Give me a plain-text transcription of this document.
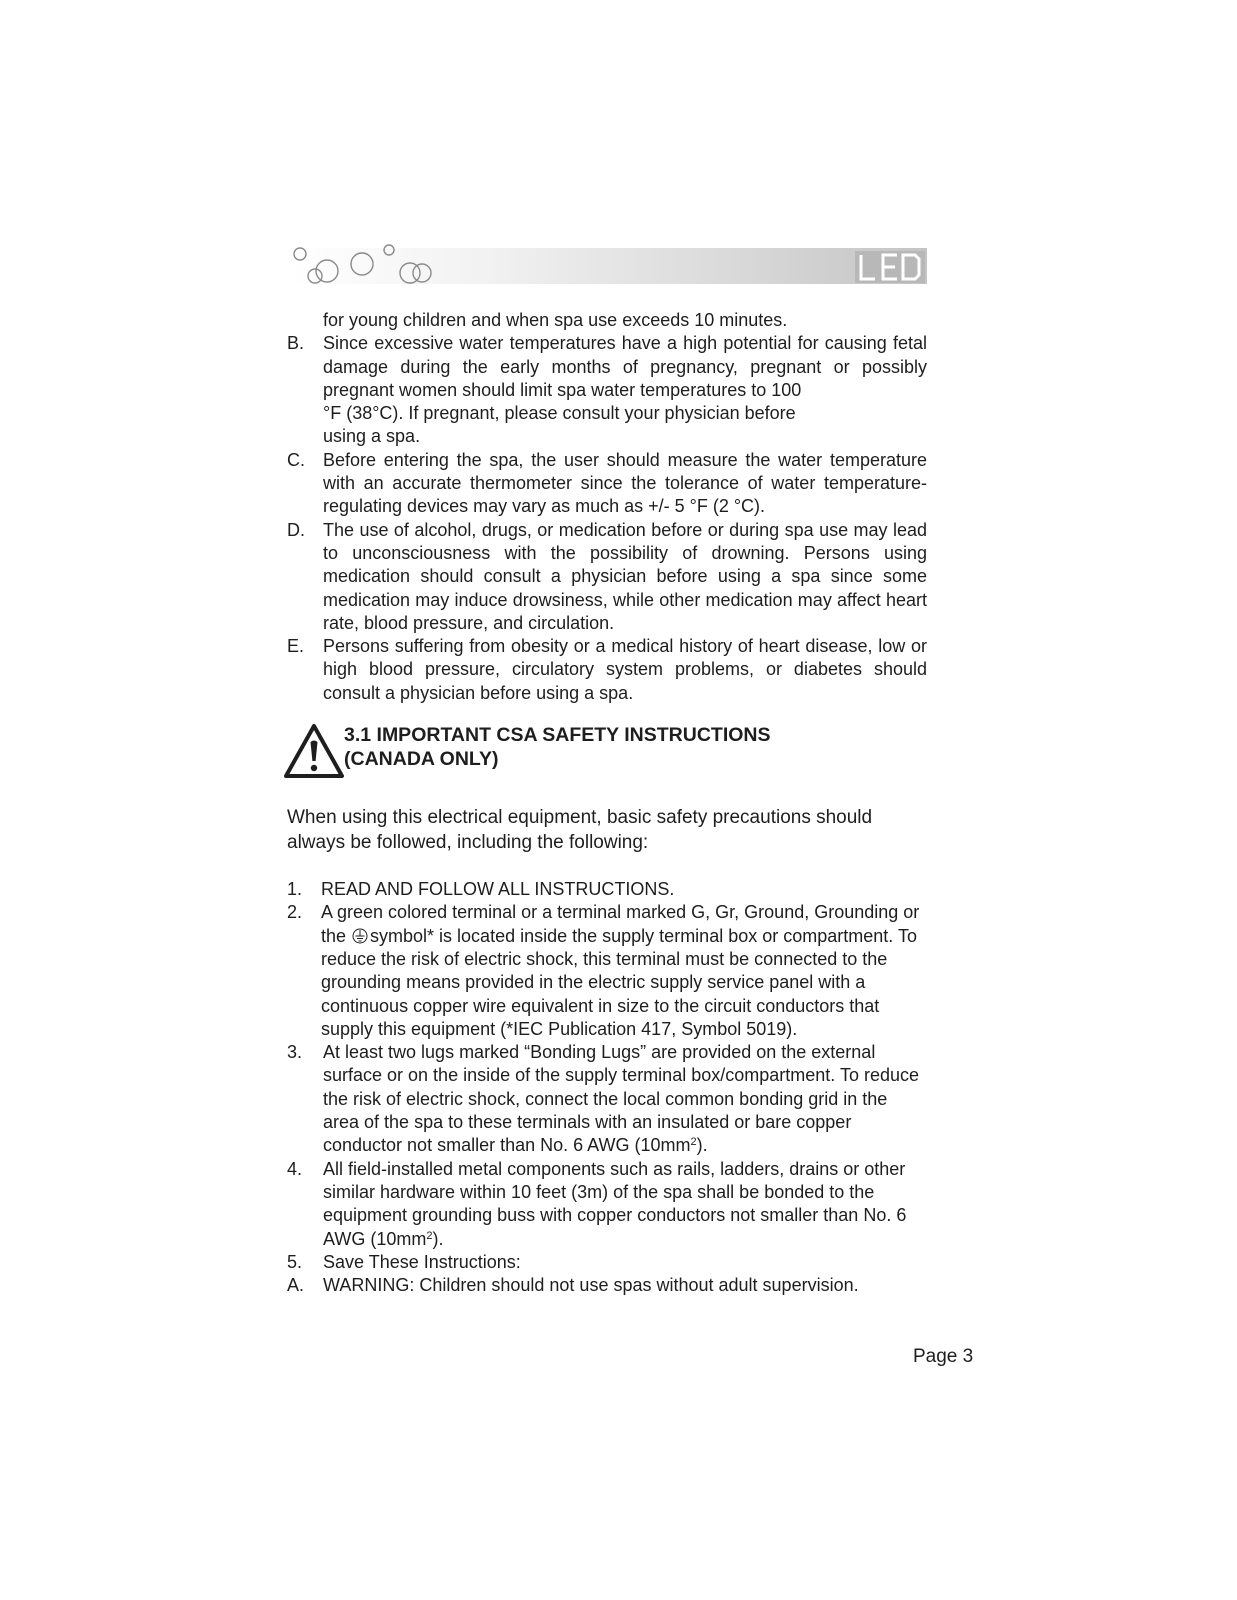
for young children and when spa use exceeds 10 minutes.
B.	Since excessive water temperatures have a high potential for causing fetal damage during the early months of pregnancy, pregnant or possibly pregnant women should limit spa water temperatures to 100
°F (38°C). If pregnant, please consult your physician before
using a spa.
C.	Before entering the spa, the user should measure the water temperature with an accurate thermometer since the tolerance of water temperature-regulating devices may vary as much as +/- 5 °F (2 °C).
D.	The use of alcohol, drugs, or medication before or during spa use may lead to unconsciousness with the possibility of drowning. Persons using medication should consult a physician before using a spa since some medication may induce drowsiness, while other medication may affect heart rate, blood pressure, and circulation.
E.	Persons suffering from obesity or a medical history of heart disease, low or high blood pressure, circulatory system problems, or diabetes should consult a physician before using a spa.
3.1 IMPORTANT CSA SAFETY INSTRUCTIONS
(CANADA ONLY)
When using this electrical equipment, basic safety precautions should always be followed, including the following:
1.	READ AND FOLLOW ALL INSTRUCTIONS.
2.	A green colored terminal or a terminal marked G, Gr, Ground, Grounding or the symbol* is located inside the supply terminal box or compartment. To reduce the risk of electric shock, this terminal must be connected to the grounding means provided in the electric supply service panel with a continuous copper wire equivalent in size to the circuit conductors that supply this equipment (*IEC Publication 417, Symbol 5019).
3.	At least two lugs marked “Bonding Lugs” are provided on the external surface or on the inside of the supply terminal box/compartment. To reduce the risk of electric shock, connect the local common bonding grid in the area of the spa to these terminals with an insulated or bare copper conductor not smaller than No. 6 AWG $(10mm^2)$.
4.	All field-installed metal components such as rails, ladders, drains or other similar hardware within 10 feet (3m) of the spa shall be bonded to the equipment grounding buss with copper conductors not smaller than No. 6 AWG $(10mm^2)$.
5.	Save These Instructions:
A.	WARNING: Children should not use spas without adult supervision.
Page 3
